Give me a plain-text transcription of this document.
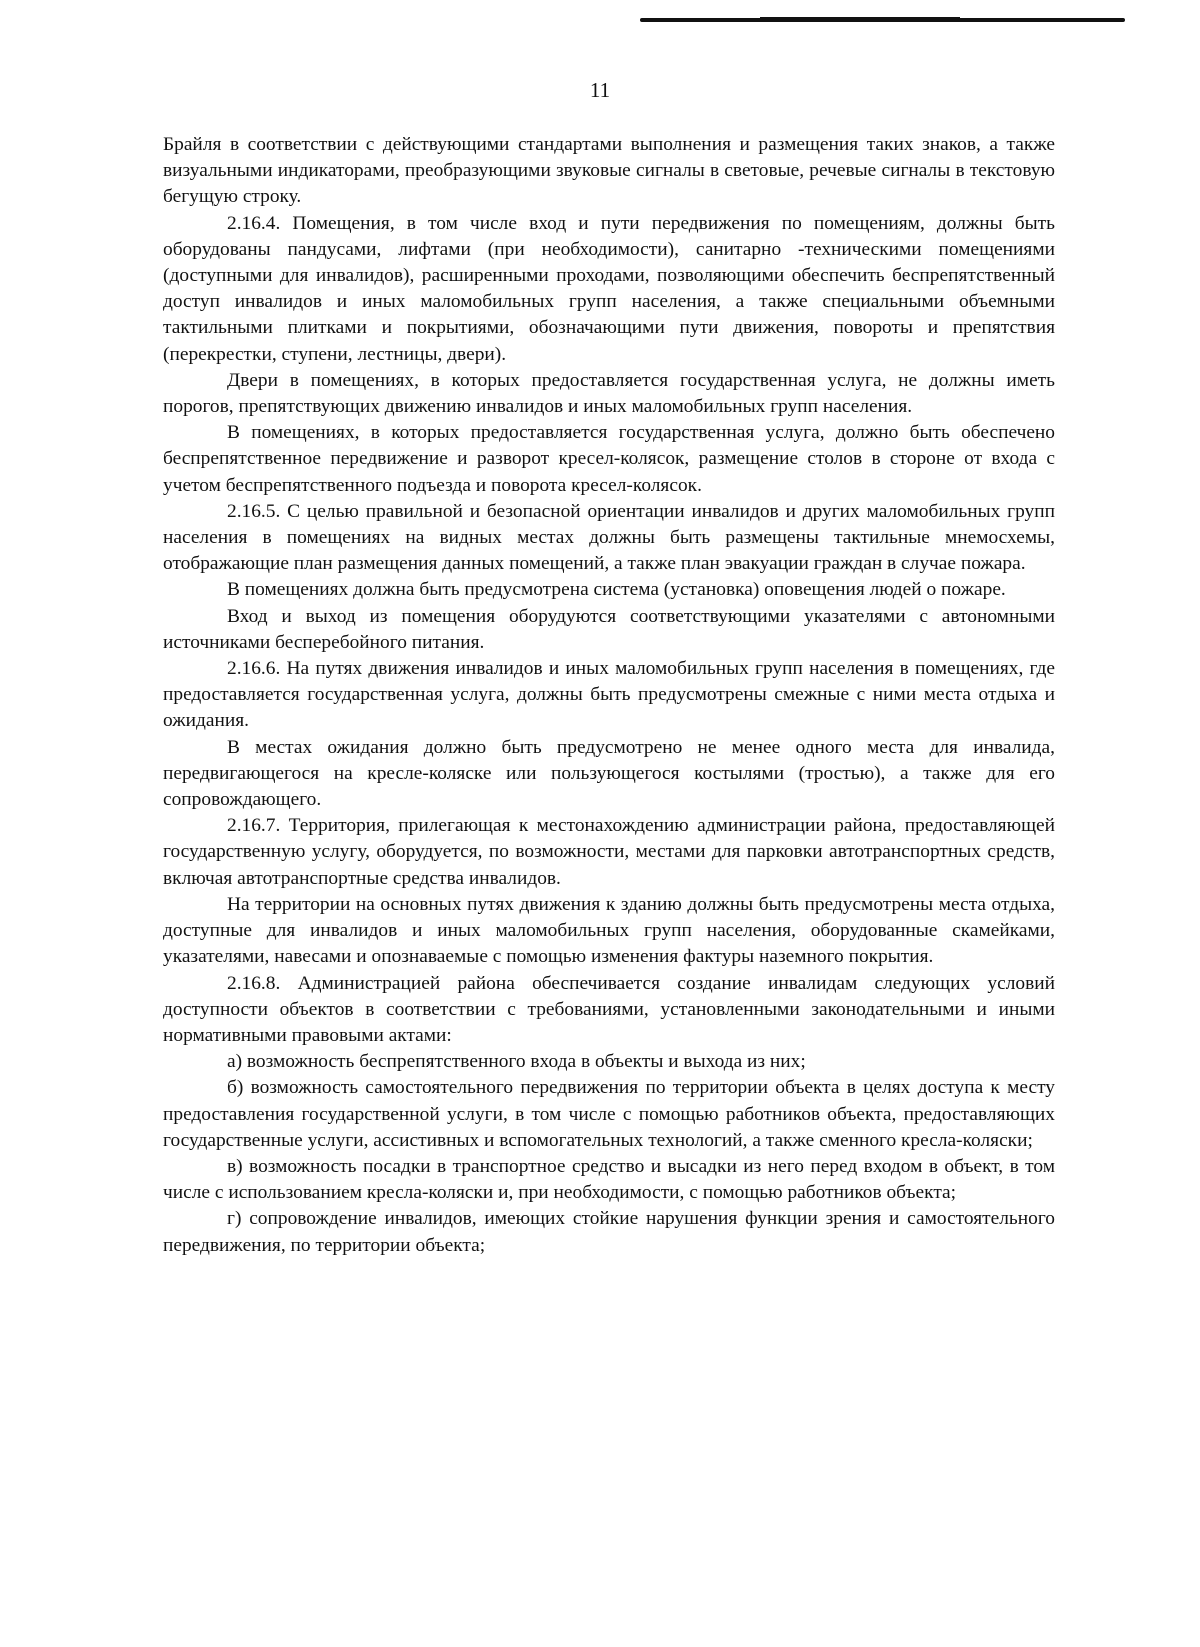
11

Брайля в соответствии с действующими стандартами выполнения и размещения таких знаков, а также визуальными индикаторами, преобразующими звуковые сигналы в световые, речевые сигналы в текстовую бегущую строку.

2.16.4. Помещения, в том числе вход и пути передвижения по помещениям, должны быть оборудованы пандусами, лифтами (при необходимости), санитарно -техническими помещениями (доступными для инвалидов), расширенными проходами, позволяющими обеспечить беспрепятственный доступ инвалидов и иных маломобильных групп населения, а также специальными объемными тактильными плитками и покрытиями, обозначающими пути движения, повороты и препятствия (перекрестки, ступени, лестницы, двери).

Двери в помещениях, в которых предоставляется государственная услуга, не должны иметь порогов, препятствующих движению инвалидов и иных маломобильных групп населения.

В помещениях, в которых предоставляется государственная услуга, должно быть обеспечено беспрепятственное передвижение и разворот кресел-колясок, размещение столов в стороне от входа с учетом беспрепятственного подъезда и поворота кресел-колясок.

2.16.5. С целью правильной и безопасной ориентации инвалидов и других маломобильных групп населения в помещениях на видных местах должны быть размещены тактильные мнемосхемы, отображающие план размещения данных помещений, а также план эвакуации граждан в случае пожара.

В помещениях должна быть предусмотрена система (установка) оповещения людей о пожаре.

Вход и выход из помещения оборудуются соответствующими указателями с автономными источниками бесперебойного питания.

2.16.6. На путях движения инвалидов и иных маломобильных групп населения в помещениях, где предоставляется государственная услуга, должны быть предусмотрены смежные с ними места отдыха и ожидания.

В местах ожидания должно быть предусмотрено не менее одного места для инвалида, передвигающегося на кресле-коляске или пользующегося костылями (тростью), а также для его сопровождающего.

2.16.7. Территория, прилегающая к местонахождению администрации района, предоставляющей государственную услугу, оборудуется, по возможности, местами для парковки автотранспортных средств, включая автотранспортные средства инвалидов.

На территории на основных путях движения к зданию должны быть предусмотрены места отдыха, доступные для инвалидов и иных маломобильных групп населения, оборудованные скамейками, указателями, навесами и опознаваемые с помощью изменения фактуры наземного покрытия.

2.16.8. Администрацией района обеспечивается создание инвалидам следующих условий доступности объектов в соответствии с требованиями, установленными законодательными и иными нормативными правовыми актами:

а) возможность беспрепятственного входа в объекты и выхода из них;

б) возможность самостоятельного передвижения по территории объекта в целях доступа к месту предоставления государственной услуги, в том числе с помощью работников объекта, предоставляющих государственные услуги, ассистивных и вспомогательных технологий, а также сменного кресла-коляски;

в) возможность посадки в транспортное средство и высадки из него перед входом в объект, в том числе с использованием кресла-коляски и, при необходимости, с помощью работников объекта;

г) сопровождение инвалидов, имеющих стойкие нарушения функции зрения и самостоятельного передвижения, по территории объекта;
